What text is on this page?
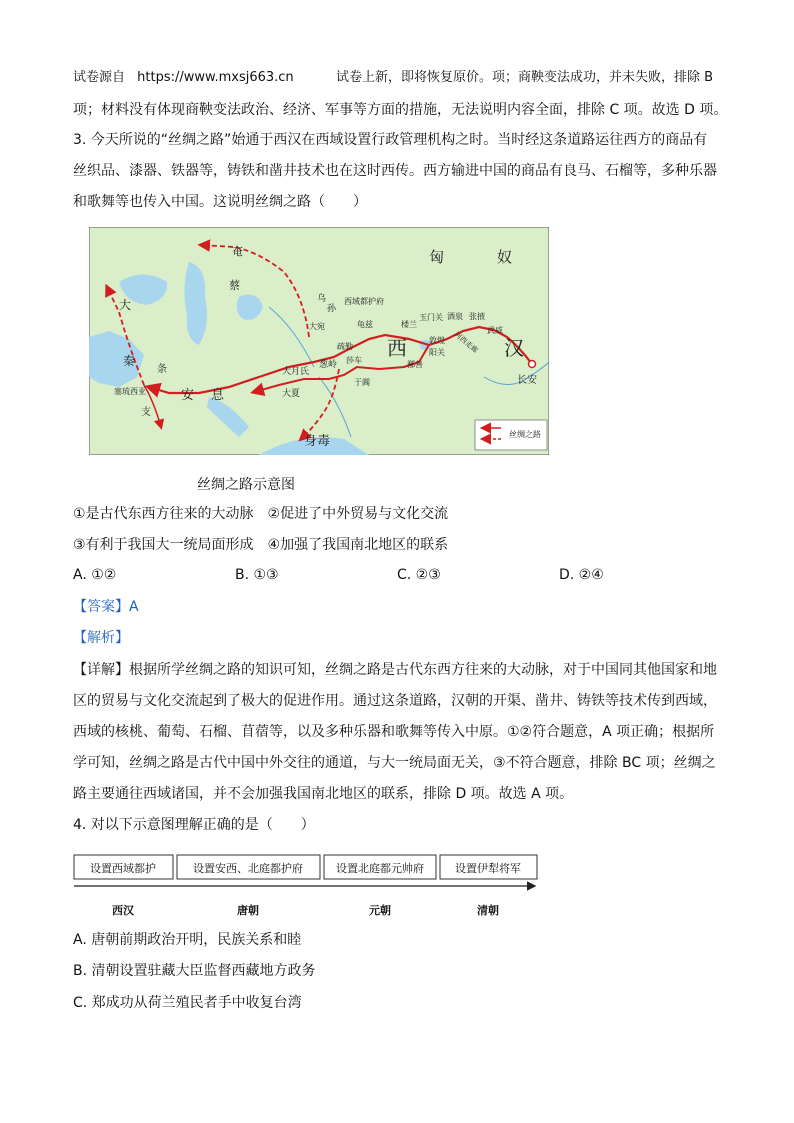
试卷源自 https://www.mxsj663.cn	试卷上新，即将恢复原价。项；商鞅变法成功，并未失败，排除 B
项；材料没有体现商鞅变法政治、经济、军事等方面的措施，无法说明内容全面，排除 C 项。故选 D 项。
3. 今天所说的“丝绸之路”始通于西汉在西域设置行政管理机构之时。当时经这条道路运往西方的商品有
丝织品、漆器、铁器等，铸铁和凿井技术也在这时西传。西方输进中国的商品有良马、石榴等，多种乐器
和歌舞等也传入中国。这说明丝绸之路（　　）
匈	奴
汉
西
长安
武威
张掖
酒泉
敦煌
玉门关
阳关
楼兰
鄯善
龟兹
西域都护府
大宛
疏勒
葱岭 莎车
于阗
大月氏
大夏
安 息
条
支
塞琉西亚
大
秦
奄
蔡
乌
孙
身毒
河西走廊
丝绸之路
丝绸之路示意图
①是古代东西方往来的大动脉　②促进了中外贸易与文化交流
③有利于我国大一统局面形成　④加强了我国南北地区的联系
A. ①②	B. ①③	C. ②③	D. ②④
【答案】A
【解析】
【详解】根据所学丝绸之路的知识可知，丝绸之路是古代东西方往来的大动脉，对于中国同其他国家和地
区的贸易与文化交流起到了极大的促进作用。通过这条道路，汉朝的开渠、凿井、铸铁等技术传到西域，
西域的核桃、葡萄、石榴、苜蓿等，以及多种乐器和歌舞等传入中原。①②符合题意，A 项正确；根据所
学可知，丝绸之路是古代中国中外交往的通道，与大一统局面无关，③不符合题意，排除 BC 项；丝绸之
路主要通往西域诸国，并不会加强我国南北地区的联系，排除 D 项。故选 A 项。
4. 对以下示意图理解正确的是（　　）
设置西域都护	设置安西、北庭都护府	设置北庭都元帅府	设置伊犁将军
西汉	唐朝	元朝	清朝
A. 唐朝前期政治开明，民族关系和睦
B. 清朝设置驻藏大臣监督西藏地方政务
C. 郑成功从荷兰殖民者手中收复台湾
